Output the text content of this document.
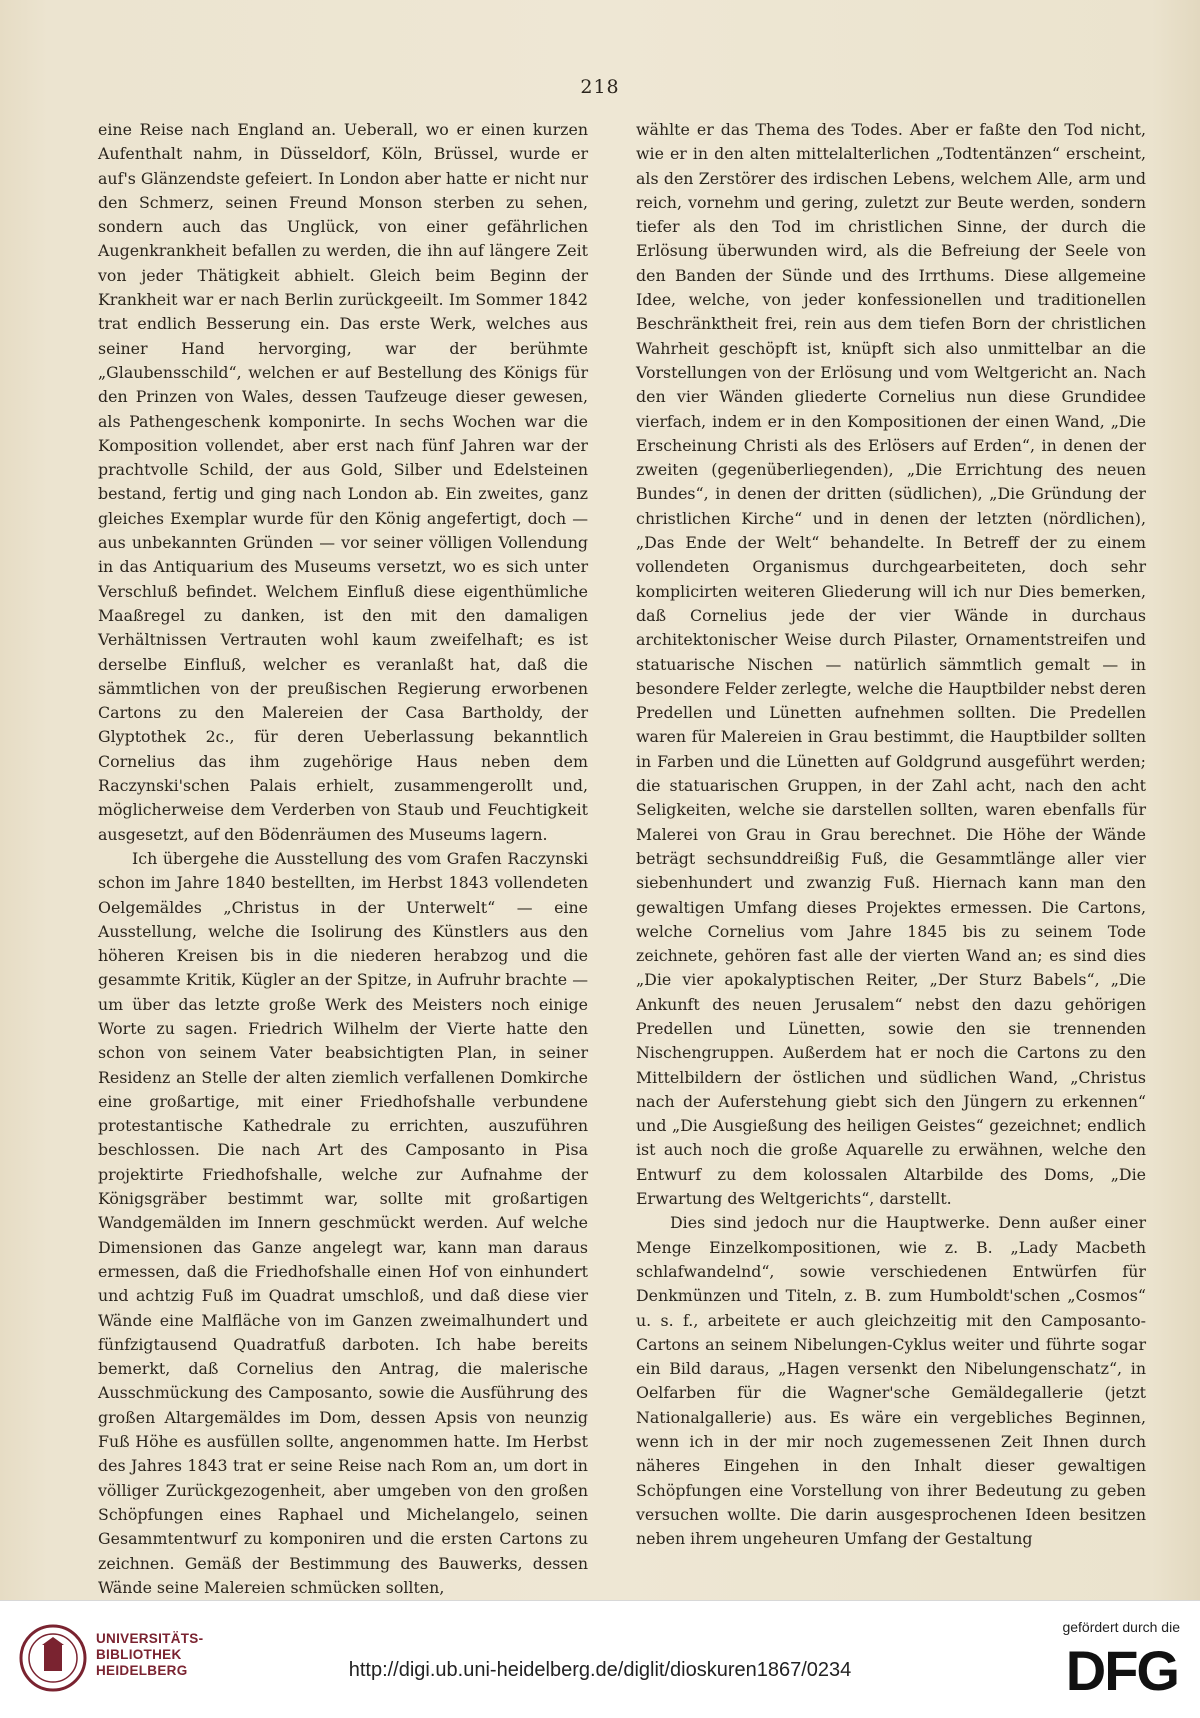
218

eine Reise nach England an. Ueberall, wo er einen kurzen Aufenthalt nahm, in Düsseldorf, Köln, Brüssel, wurde er auf's Glänzendste gefeiert. In London aber hatte er nicht nur den Schmerz, seinen Freund Monson sterben zu sehen, sondern auch das Unglück, von einer gefährlichen Augenkrankheit befallen zu werden, die ihn auf längere Zeit von jeder Thätigkeit abhielt. Gleich beim Beginn der Krankheit war er nach Berlin zurückgeeilt. Im Sommer 1842 trat endlich Besserung ein. Das erste Werk, welches aus seiner Hand hervorging, war der berühmte „Glaubensschild“, welchen er auf Bestellung des Königs für den Prinzen von Wales, dessen Taufzeuge dieser gewesen, als Pathengeschenk komponirte. In sechs Wochen war die Komposition vollendet, aber erst nach fünf Jahren war der prachtvolle Schild, der aus Gold, Silber und Edelsteinen bestand, fertig und ging nach London ab. Ein zweites, ganz gleiches Exemplar wurde für den König angefertigt, doch — aus unbekannten Gründen — vor seiner völligen Vollendung in das Antiquarium des Museums versetzt, wo es sich unter Verschluß befindet. Welchem Einfluß diese eigenthümliche Maaßregel zu danken, ist den mit den damaligen Verhältnissen Vertrauten wohl kaum zweifelhaft; es ist derselbe Einfluß, welcher es veranlaßt hat, daß die sämmtlichen von der preußischen Regierung erworbenen Cartons zu den Malereien der Casa Bartholdy, der Glyptothek 2c., für deren Ueberlassung bekanntlich Cornelius das ihm zugehörige Haus neben dem Raczynski'schen Palais erhielt, zusammengerollt und, möglicherweise dem Verderben von Staub und Feuchtigkeit ausgesetzt, auf den Bödenräumen des Museums lagern.

Ich übergehe die Ausstellung des vom Grafen Raczynski schon im Jahre 1840 bestellten, im Herbst 1843 vollendeten Oelgemäldes „Christus in der Unterwelt“ — eine Ausstellung, welche die Isolirung des Künstlers aus den höheren Kreisen bis in die niederen herabzog und die gesammte Kritik, Kügler an der Spitze, in Aufruhr brachte — um über das letzte große Werk des Meisters noch einige Worte zu sagen. Friedrich Wilhelm der Vierte hatte den schon von seinem Vater beabsichtigten Plan, in seiner Residenz an Stelle der alten ziemlich verfallenen Domkirche eine großartige, mit einer Friedhofshalle verbundene protestantische Kathedrale zu errichten, auszuführen beschlossen. Die nach Art des Camposanto in Pisa projektirte Friedhofshalle, welche zur Aufnahme der Königsgräber bestimmt war, sollte mit großartigen Wandgemälden im Innern geschmückt werden. Auf welche Dimensionen das Ganze angelegt war, kann man daraus ermessen, daß die Friedhofshalle einen Hof von einhundert und achtzig Fuß im Quadrat umschloß, und daß diese vier Wände eine Malfläche von im Ganzen zweimalhundert und fünfzigtausend Quadratfuß darboten. Ich habe bereits bemerkt, daß Cornelius den Antrag, die malerische Ausschmückung des Camposanto, sowie die Ausführung des großen Altargemäldes im Dom, dessen Apsis von neunzig Fuß Höhe es ausfüllen sollte, angenommen hatte. Im Herbst des Jahres 1843 trat er seine Reise nach Rom an, um dort in völliger Zurückgezogenheit, aber umgeben von den großen Schöpfungen eines Raphael und Michelangelo, seinen Gesammtentwurf zu komponiren und die ersten Cartons zu zeichnen. Gemäß der Bestimmung des Bauwerks, dessen Wände seine Malereien schmücken sollten,

wählte er das Thema des Todes. Aber er faßte den Tod nicht, wie er in den alten mittelalterlichen „Todtentänzen“ erscheint, als den Zerstörer des irdischen Lebens, welchem Alle, arm und reich, vornehm und gering, zuletzt zur Beute werden, sondern tiefer als den Tod im christlichen Sinne, der durch die Erlösung überwunden wird, als die Befreiung der Seele von den Banden der Sünde und des Irrthums. Diese allgemeine Idee, welche, von jeder konfessionellen und traditionellen Beschränktheit frei, rein aus dem tiefen Born der christlichen Wahrheit geschöpft ist, knüpft sich also unmittelbar an die Vorstellungen von der Erlösung und vom Weltgericht an. Nach den vier Wänden gliederte Cornelius nun diese Grundidee vierfach, indem er in den Kompositionen der einen Wand, „Die Erscheinung Christi als des Erlösers auf Erden“, in denen der zweiten (gegenüberliegenden), „Die Errichtung des neuen Bundes“, in denen der dritten (südlichen), „Die Gründung der christlichen Kirche“ und in denen der letzten (nördlichen), „Das Ende der Welt“ behandelte. In Betreff der zu einem vollendeten Organismus durchgearbeiteten, doch sehr komplicirten weiteren Gliederung will ich nur Dies bemerken, daß Cornelius jede der vier Wände in durchaus architektonischer Weise durch Pilaster, Ornamentstreifen und statuarische Nischen — natürlich sämmtlich gemalt — in besondere Felder zerlegte, welche die Hauptbilder nebst deren Predellen und Lünetten aufnehmen sollten. Die Predellen waren für Malereien in Grau bestimmt, die Hauptbilder sollten in Farben und die Lünetten auf Goldgrund ausgeführt werden; die statuarischen Gruppen, in der Zahl acht, nach den acht Seligkeiten, welche sie darstellen sollten, waren ebenfalls für Malerei von Grau in Grau berechnet. Die Höhe der Wände beträgt sechsunddreißig Fuß, die Gesammtlänge aller vier siebenhundert und zwanzig Fuß. Hiernach kann man den gewaltigen Umfang dieses Projektes ermessen. Die Cartons, welche Cornelius vom Jahre 1845 bis zu seinem Tode zeichnete, gehören fast alle der vierten Wand an; es sind dies „Die vier apokalyptischen Reiter, „Der Sturz Babels“, „Die Ankunft des neuen Jerusalem“ nebst den dazu gehörigen Predellen und Lünetten, sowie den sie trennenden Nischengruppen. Außerdem hat er noch die Cartons zu den Mittelbildern der östlichen und südlichen Wand, „Christus nach der Auferstehung giebt sich den Jüngern zu erkennen“ und „Die Ausgießung des heiligen Geistes“ gezeichnet; endlich ist auch noch die große Aquarelle zu erwähnen, welche den Entwurf zu dem kolossalen Altarbilde des Doms, „Die Erwartung des Weltgerichts“, darstellt.

Dies sind jedoch nur die Hauptwerke. Denn außer einer Menge Einzelkompositionen, wie z. B. „Lady Macbeth schlafwandelnd“, sowie verschiedenen Entwürfen für Denkmünzen und Titeln, z. B. zum Humboldt'schen „Cosmos“ u. s. f., arbeitete er auch gleichzeitig mit den Camposanto-Cartons an seinem Nibelungen-Cyklus weiter und führte sogar ein Bild daraus, „Hagen versenkt den Nibelungenschatz“, in Oelfarben für die Wagner'sche Gemäldegallerie (jetzt Nationalgallerie) aus. Es wäre ein vergebliches Beginnen, wenn ich in der mir noch zugemessenen Zeit Ihnen durch näheres Eingehen in den Inhalt dieser gewaltigen Schöpfungen eine Vorstellung von ihrer Bedeutung zu geben versuchen wollte. Die darin ausgesprochenen Ideen besitzen neben ihrem ungeheuren Umfang der Gestaltung

UNIVERSITÄTS-
BIBLIOTHEK
HEIDELBERG	http://digi.ub.uni-heidelberg.de/diglit/dioskuren1867/0234
gefördert durch die
DFG
